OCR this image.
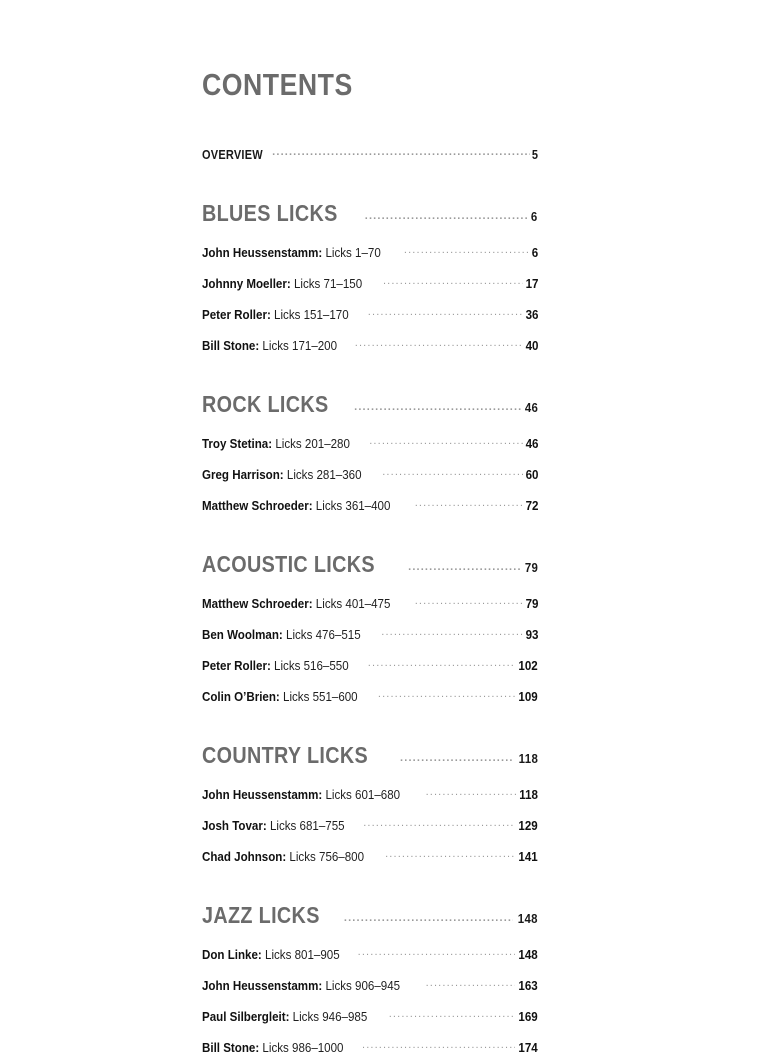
CONTENTS
OVERVIEW .....	5
BLUES LICKS .....	6
John Heussenstamm: Licks 1–70 .....	6
Johnny Moeller: Licks 71–150 .....	17
Peter Roller: Licks 151–170 .....	36
Bill Stone: Licks 171–200 .....	40
ROCK LICKS .....	46
Troy Stetina: Licks 201–280 .....	46
Greg Harrison: Licks 281–360 .....	60
Matthew Schroeder: Licks 361–400 .....	72
ACOUSTIC LICKS .....	79
Matthew Schroeder: Licks 401–475 .....	79
Ben Woolman: Licks 476–515 .....	93
Peter Roller: Licks 516–550 .....	102
Colin O’Brien: Licks 551–600 .....	109
COUNTRY LICKS .....	118
John Heussenstamm: Licks 601–680 .....	118
Josh Tovar: Licks 681–755 .....	129
Chad Johnson: Licks 756–800 .....	141
JAZZ LICKS .....	148
Don Linke: Licks 801–905 .....	148
John Heussenstamm: Licks 906–945 .....	163
Paul Silbergleit: Licks 946–985 .....	169
Bill Stone: Licks 986–1000 .....	174
